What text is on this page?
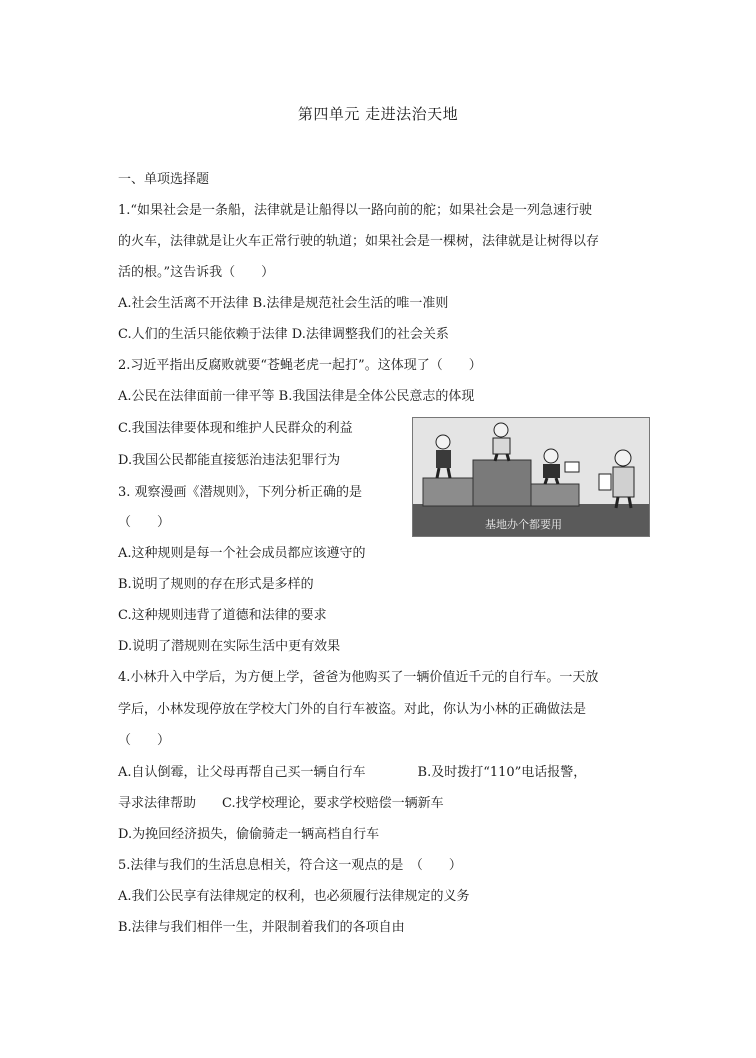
第四单元 走进法治天地
一、单项选择题
1.“如果社会是一条船，法律就是让船得以一路向前的舵；如果社会是一列急速行驶
的火车，法律就是让火车正常行驶的轨道；如果社会是一棵树，法律就是让树得以存
活的根。”这告诉我（　　）
A.社会生活离不开法律 B.法律是规范社会生活的唯一准则
C.人们的生活只能依赖于法律 D.法律调整我们的社会关系
2.习近平指出反腐败就要“苍蝇老虎一起打”。这体现了（　　）
A.公民在法律面前一律平等 B.我国法律是全体公民意志的体现
C.我国法律要体现和维护人民群众的利益
D.我国公民都能直接惩治违法犯罪行为
3. 观察漫画《潜规则》，下列分析正确的是
（　　）
A.这种规则是每一个社会成员都应该遵守的
B.说明了规则的存在形式是多样的
C.这种规则违背了道德和法律的要求
D.说明了潜规则在实际生活中更有效果
4.小林升入中学后，为方便上学，爸爸为他购买了一辆价值近千元的自行车。一天放
学后，小林发现停放在学校大门外的自行车被盗。对此，你认为小林的正确做法是
（　　）
A.自认倒霉，让父母再帮自己买一辆自行车　　　　B.及时拨打“110”电话报警，
寻求法律帮助　　C.找学校理论，要求学校赔偿一辆新车
D.为挽回经济损失，偷偷骑走一辆高档自行车
5.法律与我们的生活息息相关，符合这一观点的是　（　　）
A.我们公民享有法律规定的权利，也必须履行法律规定的义务
B.法律与我们相伴一生，并限制着我们的各项自由
基地办个都要用
